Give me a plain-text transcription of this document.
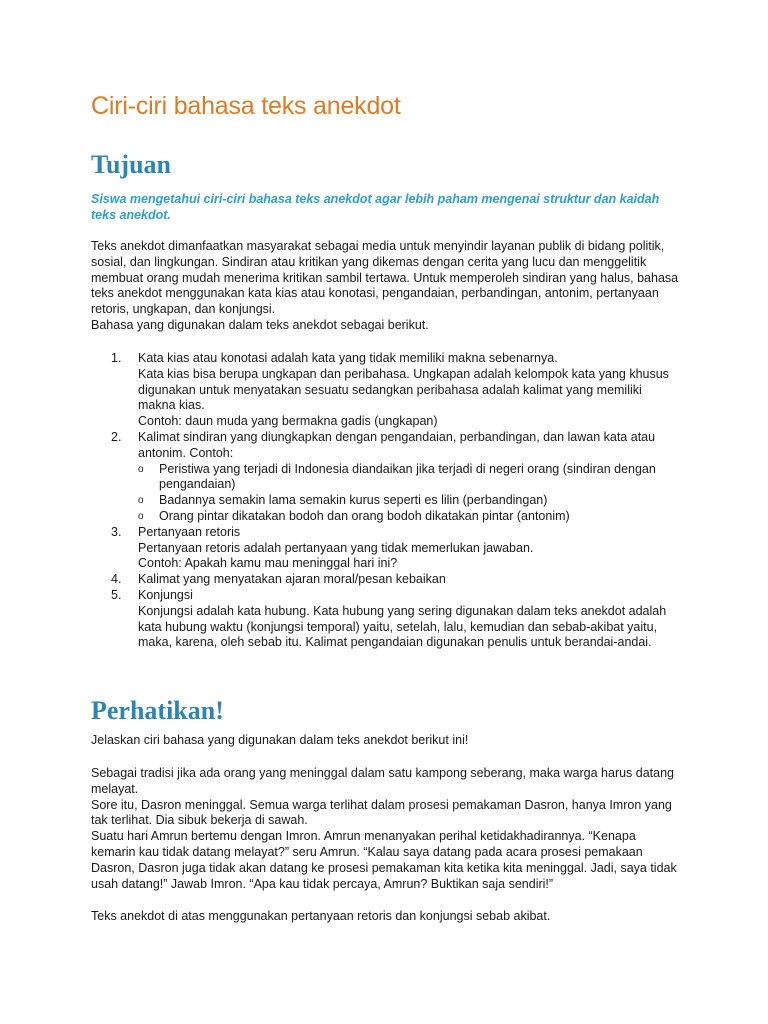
Ciri-ciri bahasa teks anekdot
Tujuan

Siswa mengetahui ciri-ciri bahasa teks anekdot agar lebih paham mengenai struktur dan kaidah teks anekdot.

Teks anekdot dimanfaatkan masyarakat sebagai media untuk menyindir layanan publik di bidang politik, sosial, dan lingkungan. Sindiran atau kritikan yang dikemas dengan cerita yang lucu dan menggelitik membuat orang mudah menerima kritikan sambil tertawa. Untuk memperoleh sindiran yang halus, bahasa teks anekdot menggunakan kata kias atau konotasi, pengandaian, perbandingan, antonim, pertanyaan retoris, ungkapan, dan konjungsi.

Bahasa yang digunakan dalam teks anekdot sebagai berikut.

1. Kata kias atau konotasi adalah kata yang tidak memiliki makna sebenarnya.

Kata kias bisa berupa ungkapan dan peribahasa. Ungkapan adalah kelompok kata yang khusus digunakan untuk menyatakan sesuatu sedangkan peribahasa adalah kalimat yang memiliki makna kias.

Contoh: daun muda yang bermakna gadis (ungkapan)

2. Kalimat sindiran yang diungkapkan dengan pengandaian, perbandingan, dan lawan kata atau antonim. Contoh:

o Peristiwa yang terjadi di Indonesia diandaikan jika terjadi di negeri orang (sindiran dengan pengandaian)
o Badannya semakin lama semakin kurus seperti es lilin (perbandingan)
o Orang pintar dikatakan bodoh dan orang bodoh dikatakan pintar (antonim)
3. Pertanyaan retoris

Pertanyaan retoris adalah pertanyaan yang tidak memerlukan jawaban.

Contoh: Apakah kamu mau meninggal hari ini?

4. Kalimat yang menyatakan ajaran moral/pesan kebaikan

5. Konjungsi

Konjungsi adalah kata hubung. Kata hubung yang sering digunakan dalam teks anekdot adalah kata hubung waktu (konjungsi temporal) yaitu, setelah, lalu, kemudian dan sebab-akibat yaitu, maka, karena, oleh sebab itu. Kalimat pengandaian digunakan penulis untuk berandai-andai.

Perhatikan!

Jelaskan ciri bahasa yang digunakan dalam teks anekdot berikut ini!

Sebagai tradisi jika ada orang yang meninggal dalam satu kampong seberang, maka warga harus datang melayat.

Sore itu, Dasron meninggal. Semua warga terlihat dalam prosesi pemakaman Dasron, hanya Imron yang tak terlihat. Dia sibuk bekerja di sawah.

Suatu hari Amrun bertemu dengan Imron. Amrun menanyakan perihal ketidakhadirannya. “Kenapa kemarin kau tidak datang melayat?” seru Amrun. “Kalau saya datang pada acara prosesi pemakaan Dasron, Dasron juga tidak akan datang ke prosesi pemakaman kita ketika kita meninggal. Jadi, saya tidak usah datang!” Jawab Imron. “Apa kau tidak percaya, Amrun? Buktikan saja sendiri!”

Teks anekdot di atas menggunakan pertanyaan retoris dan konjungsi sebab akibat.
